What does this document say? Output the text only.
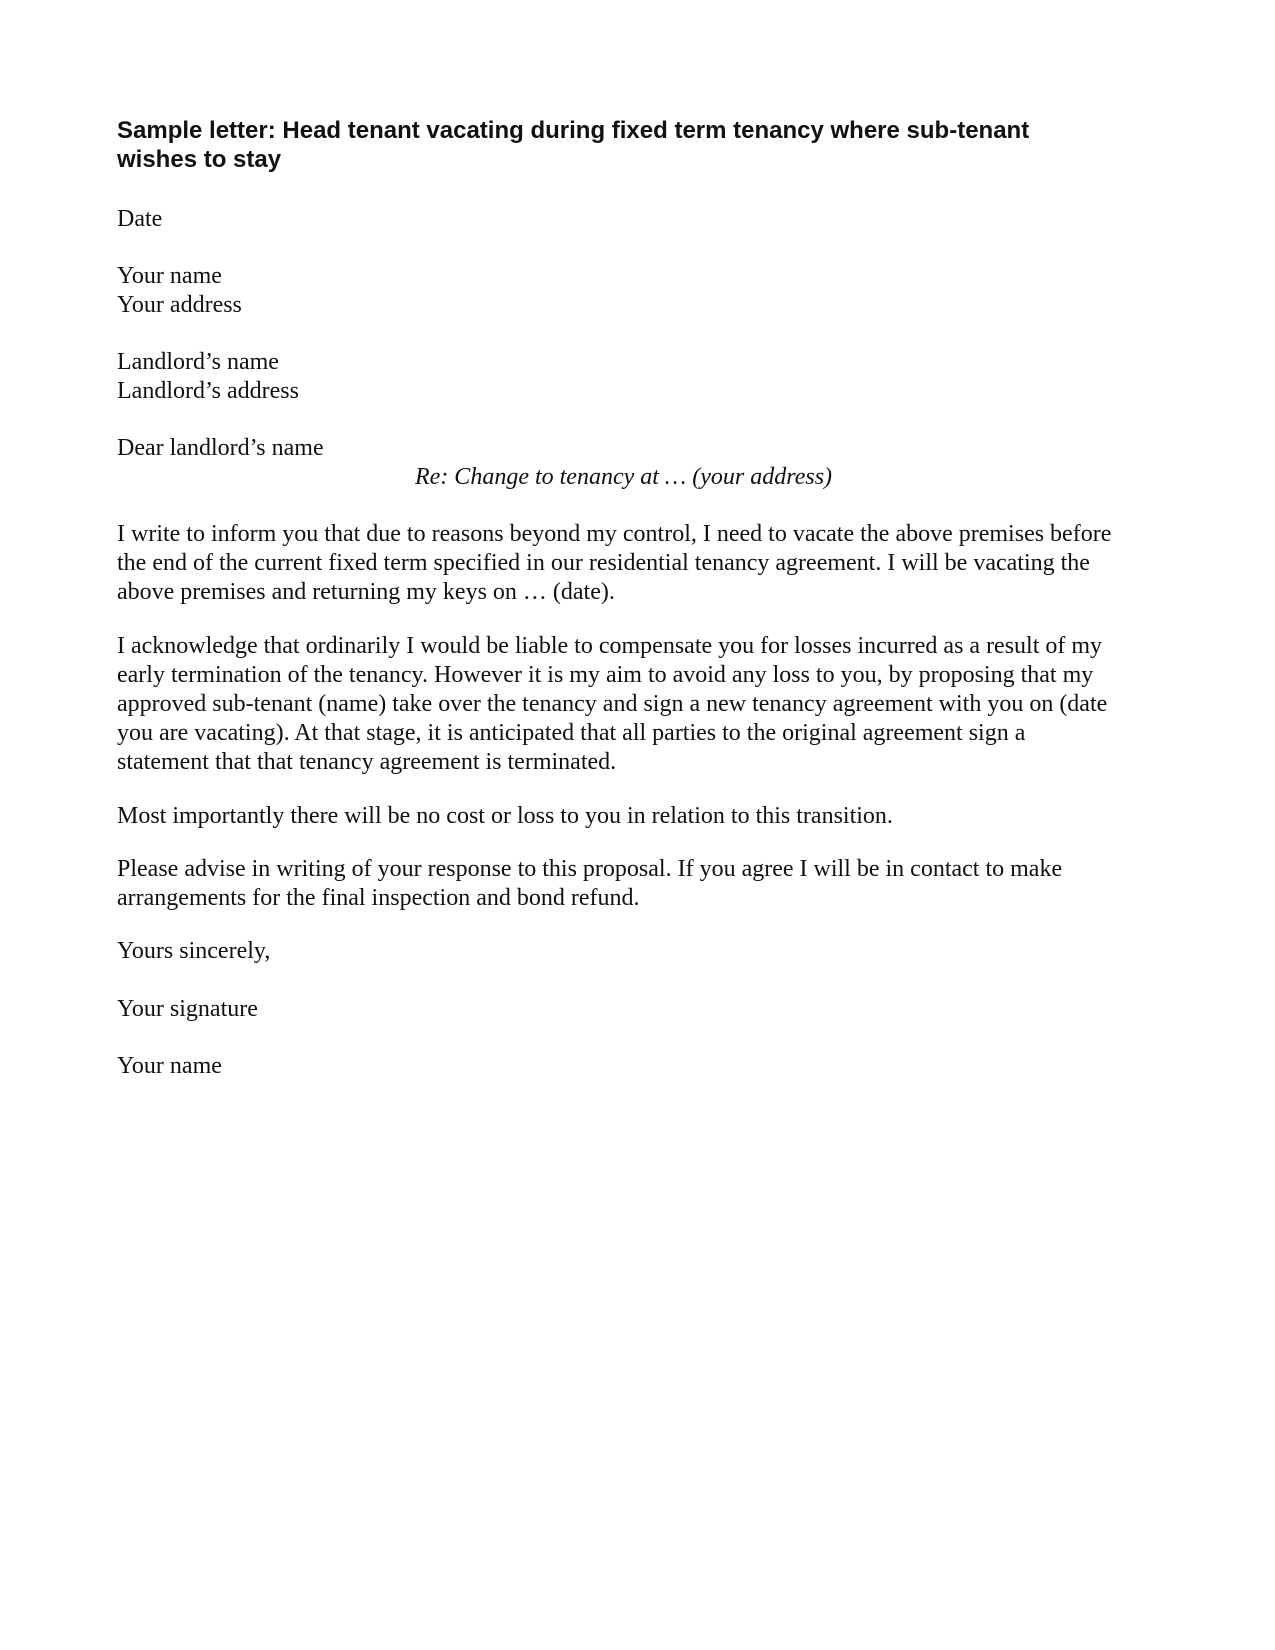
Sample letter: Head tenant vacating during fixed term tenancy where sub-tenant
wishes to stay

Date

Your name
Your address
Landlord’s name
Landlord’s address

Dear landlord’s name

Re: Change to tenancy at … (your address)

I write to inform you that due to reasons beyond my control, I need to vacate the above premises before
the end of the current fixed term specified in our residential tenancy agreement. I will be vacating the
above premises and returning my keys on … (date).
I acknowledge that ordinarily I would be liable to compensate you for losses incurred as a result of my
early termination of the tenancy. However it is my aim to avoid any loss to you, by proposing that my
approved sub-tenant (name) take over the tenancy and sign a new tenancy agreement with you on (date
you are vacating). At that stage, it is anticipated that all parties to the original agreement sign a
statement that that tenancy agreement is terminated.
Most importantly there will be no cost or loss to you in relation to this transition.
Please advise in writing of your response to this proposal. If you agree I will be in contact to make
arrangements for the final inspection and bond refund.

Yours sincerely,

Your signature

Your name
